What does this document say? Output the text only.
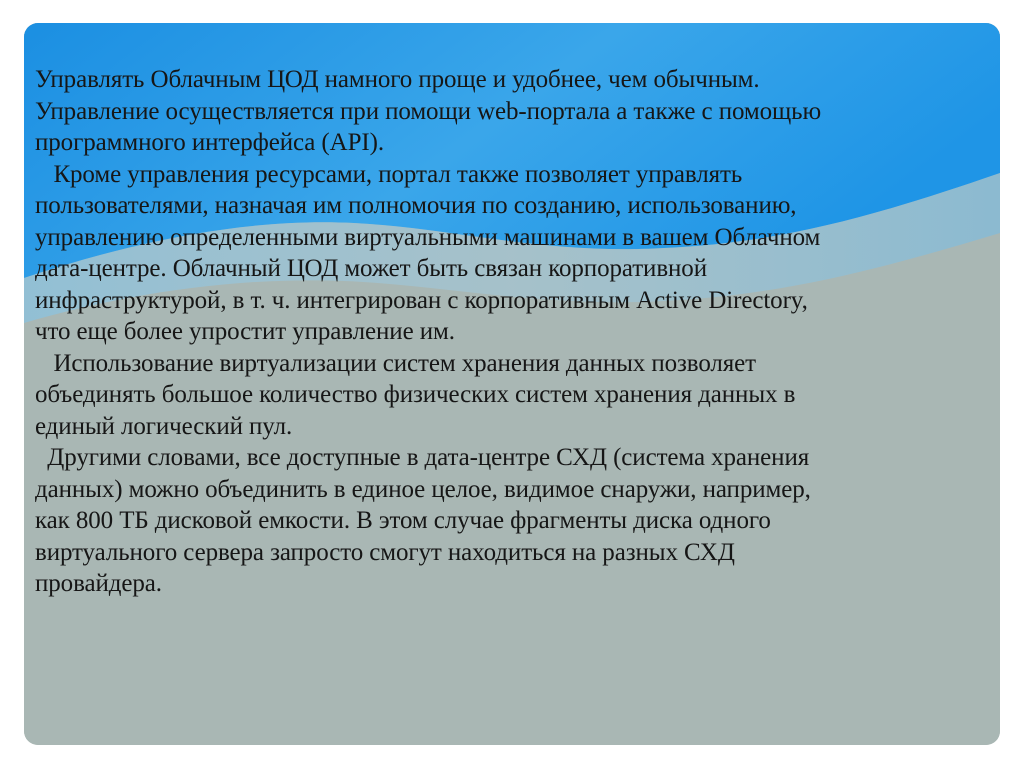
Управлять Облачным ЦОД намного проще и удобнее, чем обычным.
Управление осуществляется при помощи web-портала а также с помощью
программного интерфейса (API).
Кроме управления ресурсами, портал также позволяет управлять
пользователями, назначая им полномочия по созданию, использованию,
управлению определенными виртуальными машинами в вашем Облачном
дата-центре. Облачный ЦОД может быть связан корпоративной
инфраструктурой, в т. ч. интегрирован с корпоративным Active Directory,
что еще более упростит управление им.
Использование виртуализации систем хранения данных позволяет
объединять большое количество физических систем хранения данных в
единый логический пул.
Другими словами, все доступные в дата-центре СХД (система хранения
данных) можно объединить в единое целое, видимое снаружи, например,
как 800 ТБ дисковой емкости. В этом случае фрагменты диска одного
виртуального сервера запросто смогут находиться на разных СХД
провайдера.
